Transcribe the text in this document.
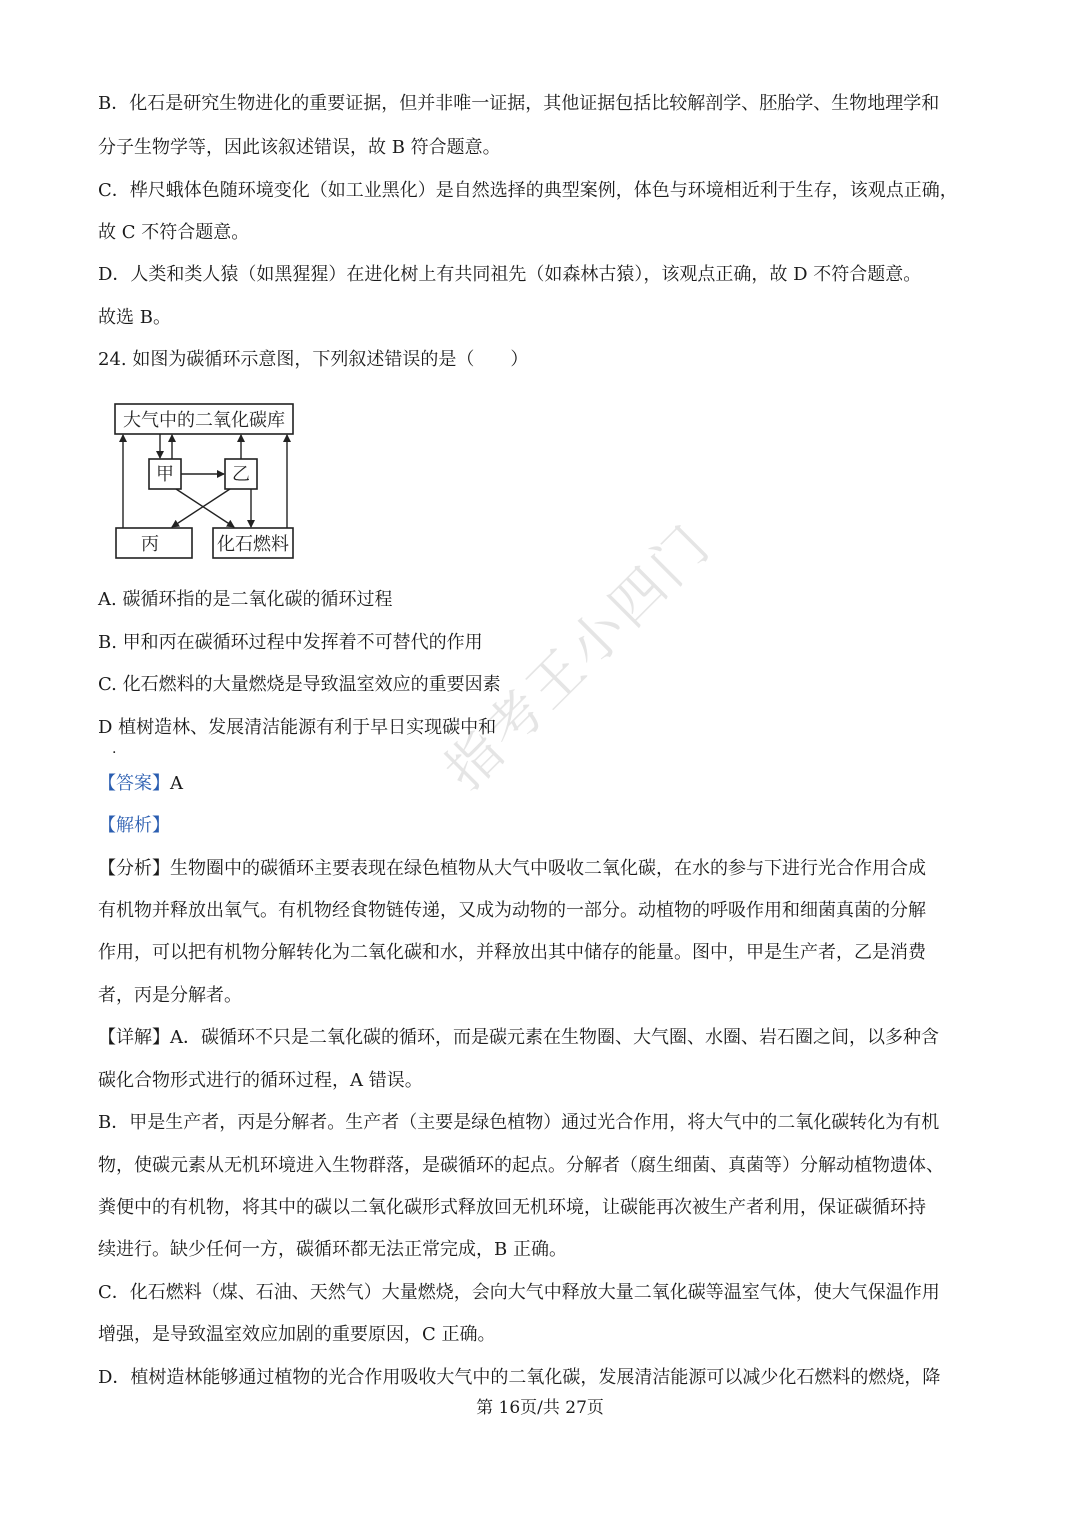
指考王小四门
B．化石是研究生物进化的重要证据，但并非唯一证据，其他证据包括比较解剖学、胚胎学、生物地理学和
分子生物学等，因此该叙述错误，故 B 符合题意。
C．桦尺蛾体色随环境变化（如工业黑化）是自然选择的典型案例，体色与环境相近利于生存，该观点正确，
故 C 不符合题意。
D．人类和类人猿（如黑猩猩）在进化树上有共同祖先（如森林古猿），该观点正确，故 D 不符合题意。
故选 B。
24. 如图为碳循环示意图，下列叙述错误的是（　　）
大气中的二氧化碳库
甲	乙
丙	化石燃料
A. 碳循环指的是二氧化碳的循环过程
B. 甲和丙在碳循环过程中发挥着不可替代的作用
C. 化石燃料的大量燃烧是导致温室效应的重要因素
D 植树造林、发展清洁能源有利于早日实现碳中和
.
【答案】A
【解析】
【分析】生物圈中的碳循环主要表现在绿色植物从大气中吸收二氧化碳，在水的参与下进行光合作用合成
有机物并释放出氧气。有机物经食物链传递，又成为动物的一部分。动植物的呼吸作用和细菌真菌的分解
作用，可以把有机物分解转化为二氧化碳和水，并释放出其中储存的能量。图中，甲是生产者，乙是消费
者，丙是分解者。
【详解】A．碳循环不只是二氧化碳的循环，而是碳元素在生物圈、大气圈、水圈、岩石圈之间，以多种含
碳化合物形式进行的循环过程，A 错误。
B．甲是生产者，丙是分解者。生产者（主要是绿色植物）通过光合作用，将大气中的二氧化碳转化为有机
物，使碳元素从无机环境进入生物群落，是碳循环的起点。分解者（腐生细菌、真菌等）分解动植物遗体、
粪便中的有机物，将其中的碳以二氧化碳形式释放回无机环境，让碳能再次被生产者利用，保证碳循环持
续进行。缺少任何一方，碳循环都无法正常完成，B 正确。
C．化石燃料（煤、石油、天然气）大量燃烧，会向大气中释放大量二氧化碳等温室气体，使大气保温作用
增强，是导致温室效应加剧的重要原因，C 正确。
D．植树造林能够通过植物的光合作用吸收大气中的二氧化碳，发展清洁能源可以减少化石燃料的燃烧，降
第 16页/共 27页
